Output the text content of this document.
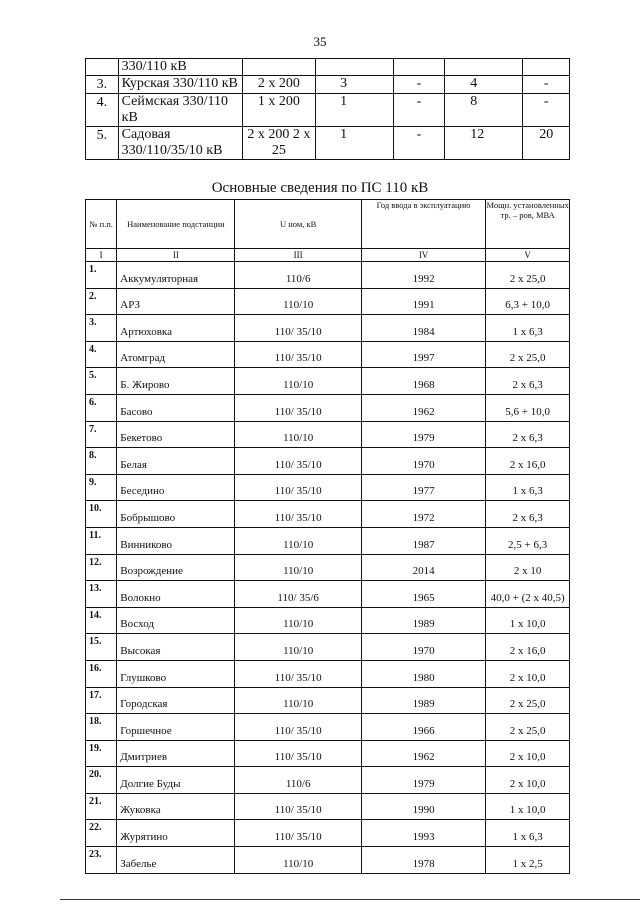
35
	330/110 кВ					
3.	Курская 330/110 кВ	2 х 200	3	-	4	-
4.	Сеймская 330/110 кВ	1 х 200	1	-	8	-
5.	Садовая 330/110/35/10 кВ	2 х 200 2 х 25	1	-	12	20
Основные сведения по ПС 110 кВ
№ п.п.	Наименование подстанции	U ном, кВ	Год ввода в эксплуатацию	Мощн. установленных тр. – ров, МВА
I	II	III	IV	V
1.	Аккумуляторная	110/6	1992	2 х 25,0
2.	АРЗ	110/10	1991	6,3 + 10,0
3.	Артюховка	110/ 35/10	1984	1 х 6,3
4.	Атомград	110/ 35/10	1997	2 х 25,0
5.	Б. Жирово	110/10	1968	2 х 6,3
6.	Басово	110/ 35/10	1962	5,6 + 10,0
7.	Бекетово	110/10	1979	2 х 6,3
8.	Белая	110/ 35/10	1970	2 х 16,0
9.	Беседино	110/ 35/10	1977	1 х 6,3
10.	Бобрышово	110/ 35/10	1972	2 х 6,3
11.	Винниково	110/10	1987	2,5 + 6,3
12.	Возрождение	110/10	2014	2 х 10
13.	Волокно	110/ 35/6	1965	40,0 + (2 х 40,5)
14.	Восход	110/10	1989	1 х 10,0
15.	Высокая	110/10	1970	2 х 16,0
16.	Глушково	110/ 35/10	1980	2 х 10,0
17.	Городская	110/10	1989	2 х 25,0
18.	Горшечное	110/ 35/10	1966	2 х 25,0
19.	Дмитриев	110/ 35/10	1962	2 х 10,0
20.	Долгие Буды	110/6	1979	2 х 10,0
21.	Жуковка	110/ 35/10	1990	1 х 10,0
22.	Журятино	110/ 35/10	1993	1 х 6,3
23.	Забелье	110/10	1978	1 х 2,5
